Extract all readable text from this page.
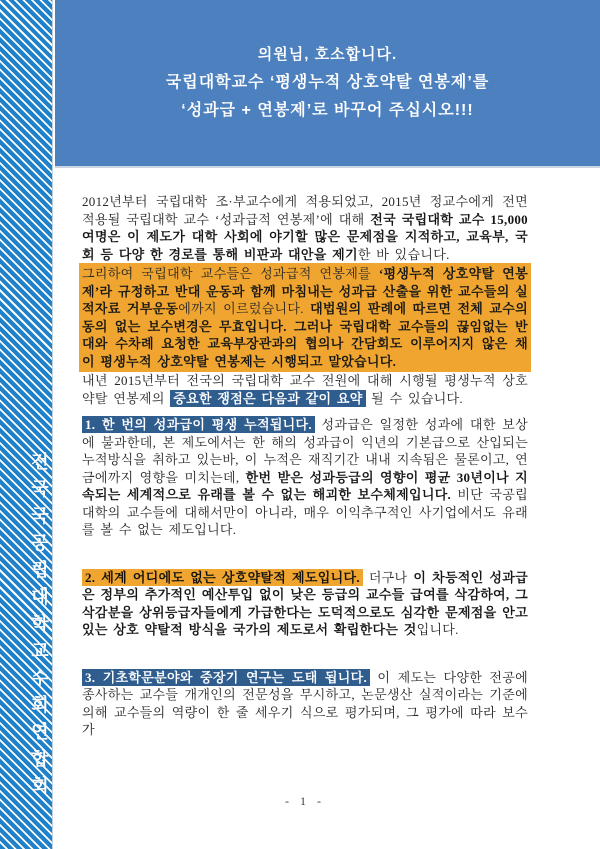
전국국공립대학교수회연합회
의원님, 호소합니다.
국립대학교수 ‘평생누적 상호약탈 연봉제’를
‘성과급 + 연봉제’로 바꾸어 주십시오!!!
2012년부터 국립대학 조·부교수에게 적용되었고, 2015년 정교수에게 전면 적용될 국립대학 교수 ‘성과급적 연봉제’에 대해 전국 국립대학 교수 15,000여명은 이 제도가 대학 사회에 야기할 많은 문제점을 지적하고, 교육부, 국회 등 다양 한 경로를 통해 비판과 대안을 제기한 바 있습니다.
그리하여 국립대학 교수들은 성과급적 연봉제를 ‘평생누적 상호약탈 연봉제’라 규정하고 반대 운동과 함께 마침내는 성과급 산출을 위한 교수들의 실적자료 거부운동에까지 이르렀습니다. 대법원의 판례에 따르면 전체 교수의 동의 없는 보수변경은 무효입니다. 그러나 국립대학 교수들의 끊임없는 반대와 수차례 요청한 교육부장관과의 협의나 간담회도 이루어지지 않은 채 이 평생누적 상호약탈 연봉제는 시행되고 말았습니다.
내년 2015년부터 전국의 국립대학 교수 전원에 대해 시행될 평생누적 상호약탈 연봉제의 중요한 쟁점은 다음과 같이 요약 될 수 있습니다.
1. 한 번의 성과급이 평생 누적됩니다. 성과급은 일정한 성과에 대한 보상에 불과한데, 본 제도에서는 한 해의 성과급이 익년의 기본급으로 산입되는 누적방식을 취하고 있는바, 이 누적은 재직기간 내내 지속됨은 물론이고, 연금에까지 영향을 미치는데, 한번 받은 성과등급의 영향이 평균 30년이나 지속되는 세계적으로 유래를 볼 수 없는 해괴한 보수체제입니다. 비단 국공립 대학의 교수들에 대해서만이 아니라, 매우 이익추구적인 사기업에서도 유래를 볼 수 없는 제도입니다.
2. 세계 어디에도 없는 상호약탈적 제도입니다. 더구나 이 차등적인 성과급은 정부의 추가적인 예산투입 없이 낮은 등급의 교수들 급여를 삭감하여, 그 삭감분을 상위등급자들에게 가급한다는 도덕적으로도 심각한 문제점을 안고 있는 상호 약탈적 방식을 국가의 제도로서 확립한다는 것입니다.
3. 기초학문분야와 중장기 연구는 도태 됩니다. 이 제도는 다양한 전공에 종사하는 교수들 개개인의 전문성을 무시하고, 논문생산 실적이라는 기준에 의해 교수들의 역량이 한 줄 세우기 식으로 평가되며, 그 평가에 따라 보수가
- 1 -
